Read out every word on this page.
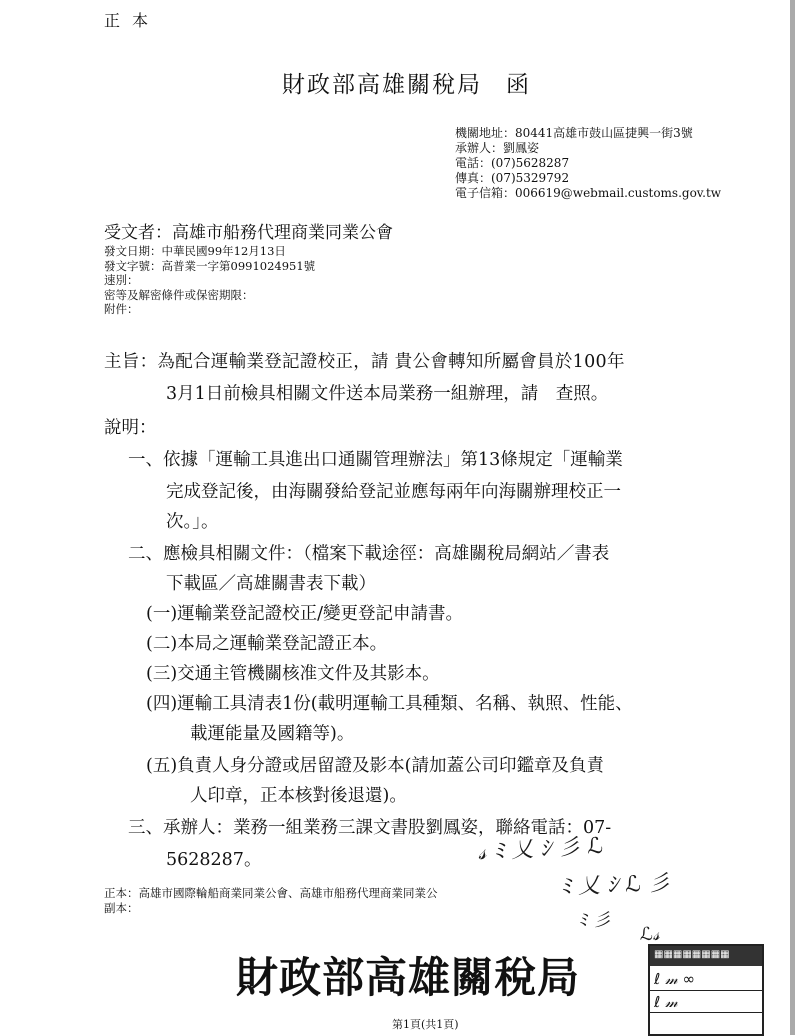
正本
財政部高雄關稅局 函
機關地址：80441高雄市鼓山區捷興一街3號
承辦人：劉鳳姿
電話：(07)5628287
傳真：(07)5329792
電子信箱：006619@webmail.customs.gov.tw
受文者：高雄市船務代理商業同業公會
發文日期：中華民國99年12月13日
發文字號：高普業一字第0991024951號
速別：
密等及解密條件或保密期限：
附件：
主旨：為配合運輸業登記證校正，請 貴公會轉知所屬會員於100年
3月1日前檢具相關文件送本局業務一組辦理，請　查照。
說明：
一、依據「運輸工具進出口通關管理辦法」第13條規定「運輸業
完成登記後，由海關發給登記並應每兩年向海關辦理校正一
次。」。
二、應檢具相關文件：（檔案下載途徑：高雄關稅局網站／書表
下載區／高雄關書表下載）
(一)運輸業登記證校正/變更登記申請書。
(二)本局之運輸業登記證正本。
(三)交通主管機關核准文件及其影本。
(四)運輸工具清表1份(載明運輸工具種類、名稱、執照、性能、
載運能量及國籍等)。
(五)負責人身分證或居留證及影本(請加蓋公司印鑑章及負責
人印章，正本核對後退還)。
三、承辦人：業務一組業務三課文書股劉鳳姿，聯絡電話：07-
5628287。	𝓈 ﾐ 乂 ｼ 彡 ℒ
ﾐ 乂 ｼ ℒ 彡
ﾐ 彡
ℒ𝓈
正本：高雄市國際輪船商業同業公會、高雄市船務代理商業同業公
副本：
財政部高雄關稅局	▦▦▦▦▦▦▦▦
ℓ 𝓂 ∞
ℓ 𝓂
第1頁(共1頁)
